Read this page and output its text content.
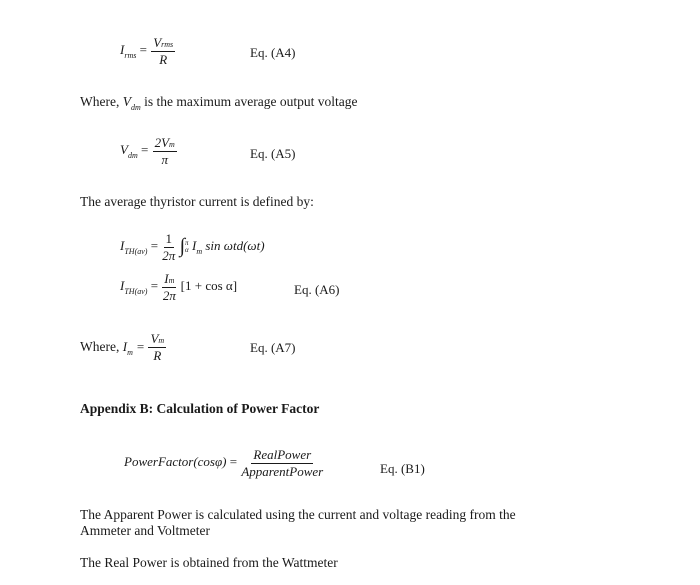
$I_{rms} = \frac{\text{Vrms}}{R}$	Eq. (A4)
Where, $V_{dm}$ is the maximum average output voltage
$V_{dm} = \frac{2Vm}{\pi}$	Eq. (A5)
The average thyristor current is defined by:
$I_{TH(av)} = \frac{1}{2\pi}$ ∫ π
α $I_m$ sin ωtd(ωt)
$I_{TH(av)} = \frac{Im}{2\pi} [1 + \cos \alpha]$	Eq. (A6)
Where, $I_m = \frac{Vm}{R}$	Eq. (A7)
Appendix B: Calculation of Power Factor
PowerFactor(cosφ) = $\frac{\text{RealPower}}{\text{ApparentPower}}$	Eq. (B1)
The Apparent Power is calculated using the current and voltage reading from the Ammeter and Voltmeter
The Real Power is obtained from the Wattmeter
